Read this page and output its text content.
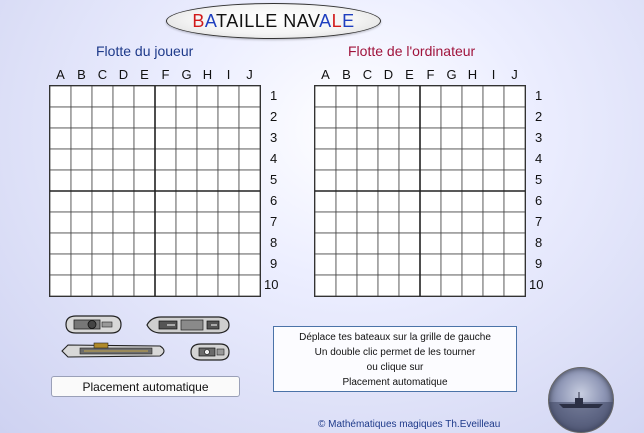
BATAILLE NAVALE
Flotte du joueur	Flotte de l'ordinateur
A B C D E F G H	I	J
1
2
3
4
5
6
7
8
9
10
A B C D E F G H	I	J
1
2
3
4
5
6
7
8
9
10
Placement automatique
Déplace tes bateaux sur la grille de gauche
Un double clic permet de les tourner
ou clique sur
Placement automatique
© Mathématiques magiques Th.Eveilleau
